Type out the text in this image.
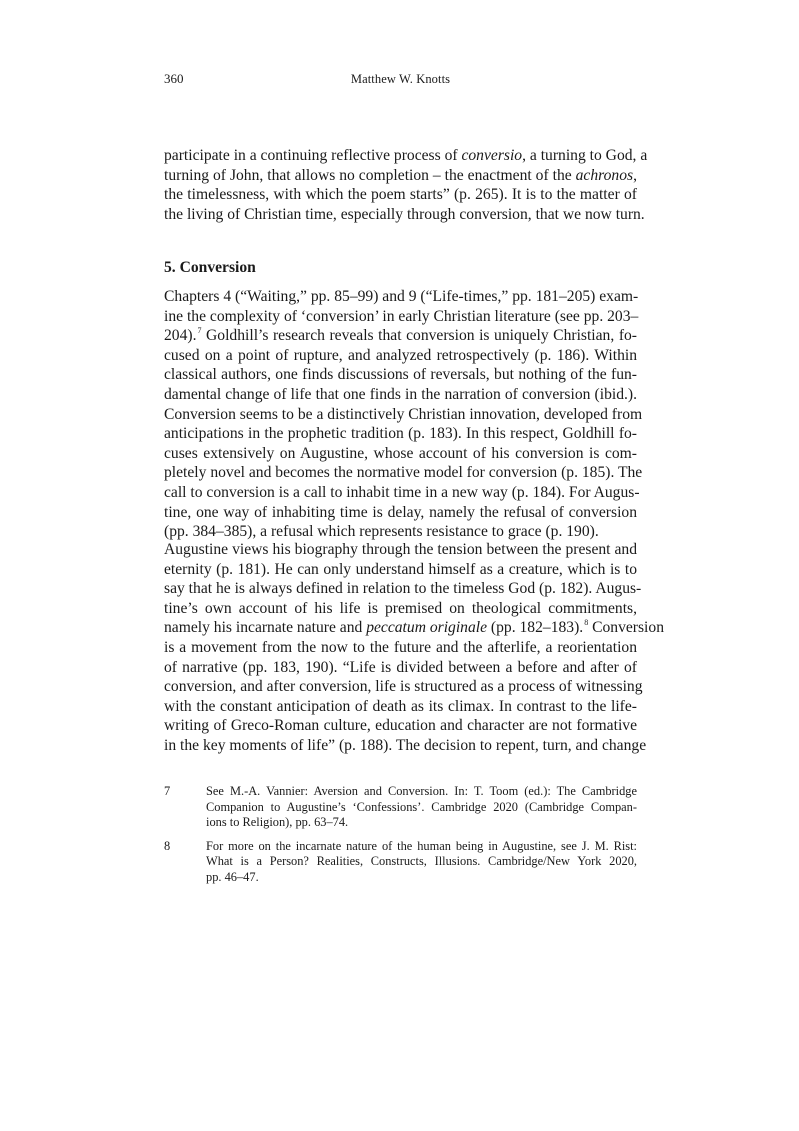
360	Matthew W. Knotts
participate in a continuing reflective process of conversio, a turning to God, a
turning of John, that allows no completion – the enactment of the achronos,
the timelessness, with which the poem starts” (p. 265). It is to the matter of
the living of Christian time, especially through conversion, that we now turn.
5. Conversion
Chapters 4 (“Waiting,” pp. 85–99) and 9 (“Life-times,” pp. 181–205) exam-
ine the complexity of ‘conversion’ in early Christian literature (see pp. 203–
204).$^7$ Goldhill’s research reveals that conversion is uniquely Christian, fo-
cused on a point of rupture, and analyzed retrospectively (p. 186). Within
classical authors, one finds discussions of reversals, but nothing of the fun-
damental change of life that one finds in the narration of conversion (ibid.).
Conversion seems to be a distinctively Christian innovation, developed from
anticipations in the prophetic tradition (p. 183). In this respect, Goldhill fo-
cuses extensively on Augustine, whose account of his conversion is com-
pletely novel and becomes the normative model for conversion (p. 185). The
call to conversion is a call to inhabit time in a new way (p. 184). For Augus-
tine, one way of inhabiting time is delay, namely the refusal of conversion
(pp. 384–385), a refusal which represents resistance to grace (p. 190).
Augustine views his biography through the tension between the present and
eternity (p. 181). He can only understand himself as a creature, which is to
say that he is always defined in relation to the timeless God (p. 182). Augus-
tine’s own account of his life is premised on theological commitments,
namely his incarnate nature and peccatum originale (pp. 182–183).$^8$ Conversion
is a movement from the now to the future and the afterlife, a reorientation
of narrative (pp. 183, 190). “Life is divided between a before and after of
conversion, and after conversion, life is structured as a process of witnessing
with the constant anticipation of death as its climax. In contrast to the life-
writing of Greco-Roman culture, education and character are not formative
in the key moments of life” (p. 188). The decision to repent, turn, and change
7	See M.-A. Vannier: Aversion and Conversion. In: T. Toom (ed.): The Cambridge
Companion to Augustine’s ‘Confessions’. Cambridge 2020 (Cambridge Compan-
ions to Religion), pp. 63–74.
8	For more on the incarnate nature of the human being in Augustine, see J. M. Rist:
What is a Person? Realities, Constructs, Illusions. Cambridge/New York 2020,
pp. 46–47.
